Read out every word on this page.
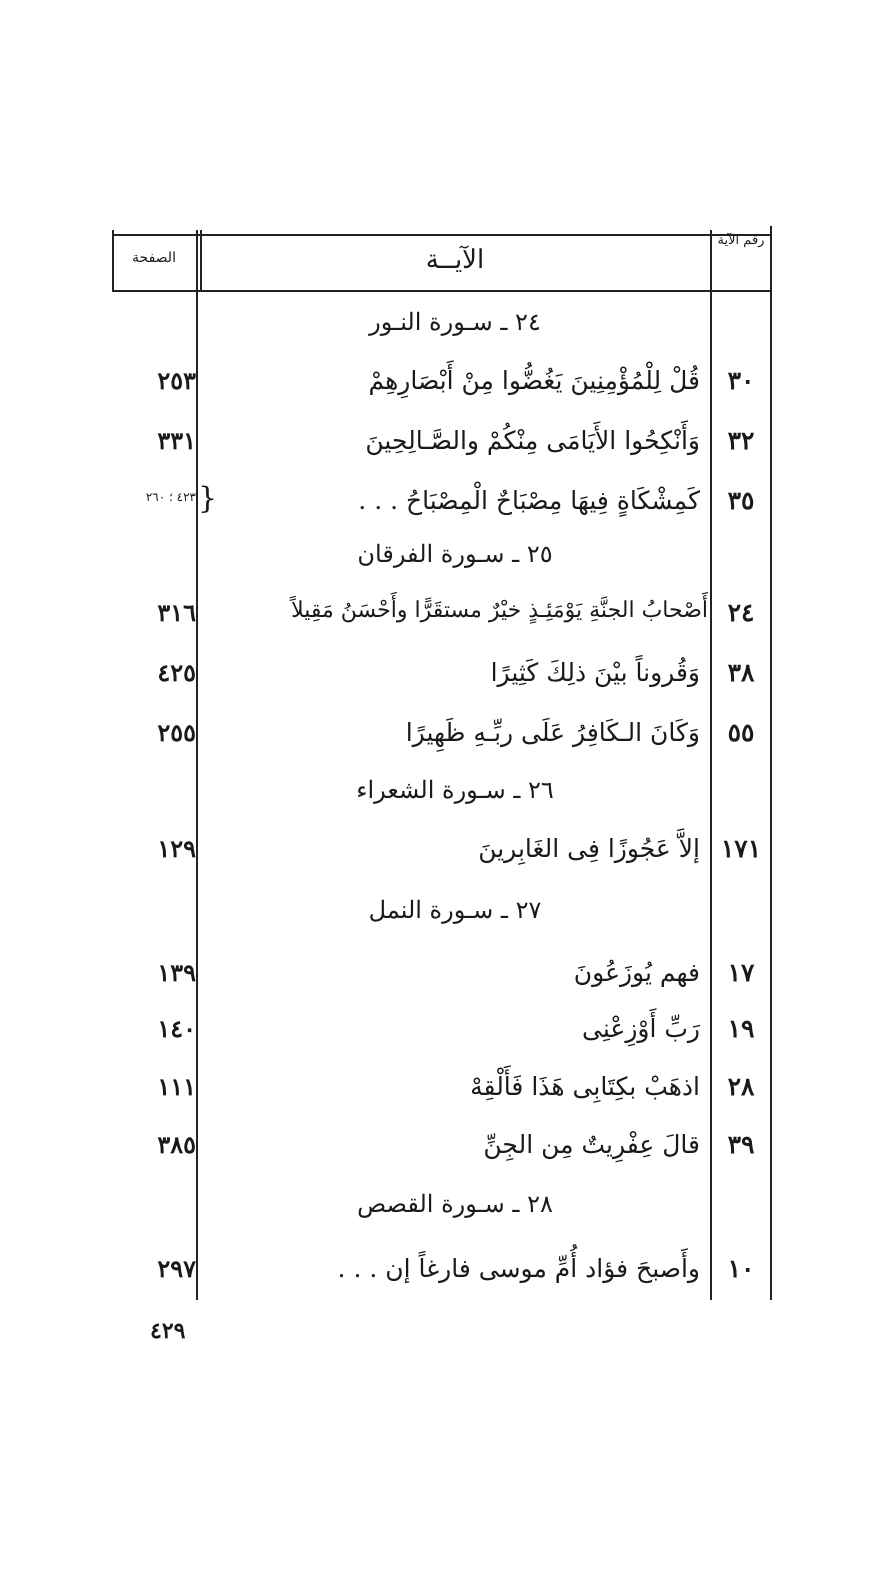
الصفحة	الآيــة
رقم الآية
٢٤ ـ سـورة النـور
٣٠
قُلْ لِلْمُؤْمِنِينَ يَغُضُّوا مِنْ أَبْصَارِهِمْ
٢٥٣
٣٢
وَأَنْكِحُوا الأَيَامَى مِنْكُمْ والصَّـالِحِينَ
٣٣١
٣٥
كَمِشْكَاةٍ فِيهَا مِصْبَاحٌ الْمِصْبَاحُ . . .
٤٢٣ ؛ ٢٦٠ }
٢٥ ـ سـورة الفرقان
٢٤
أَصْحابُ الجنَّةِ يَوْمَئِـذٍ خيْرٌ مستقَرًّا وأَحْسَنُ مَقِيلاً
٣١٦
٣٨
وَقُروناً بيْنَ ذلِكَ كَثِيرًا
٤٢٥
٥٥
وَكَانَ الـكَافِرُ عَلَى ربِّـهِ ظَهِيرًا
٢٥٥
٢٦ ـ سـورة الشعراء
١٧١
إلاَّ عَجُوزًا فِى الغَابِرينَ
١٢٩
٢٧ ـ سـورة النمل
١٧
فهم يُوزَعُونَ
١٣٩
١٩
رَبِّ أَوْزِعْنِى
١٤٠
٢٨
اذهَبْ بكِتَابِى هَذَا فَأَلْقِهْ
١١١
٣٩
قالَ عِفْرِيتٌ مِن الجِنِّ
٣٨٥
٢٨ ـ سـورة القصص
١٠
وأَصبحَ فؤاد أُمِّ موسى فارغاً إن . . .
٢٩٧
٤٢٩
